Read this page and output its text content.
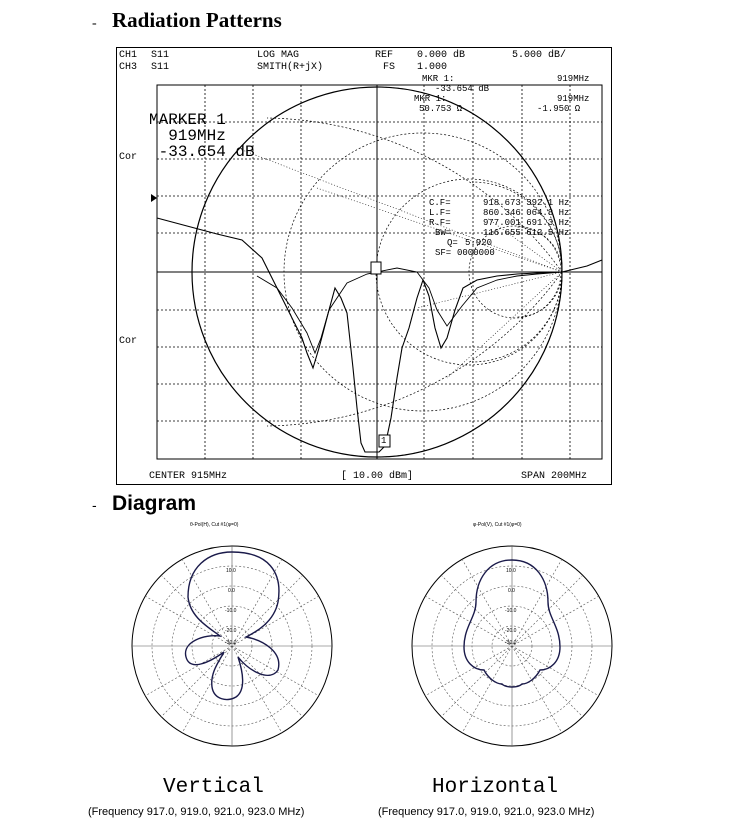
- Radiation Patterns
CH1 S11	LOG MAG	REF 0.000 dB	5.000 dB/
CH3 S11	SMITH(R+jX)	FS 1.000
MKR 1:	919MHz
-33.654 dB
MKR 1:	919MHz
50.753 Ω	-1.950 Ω
MARKER 1
919MHz
-33.654 dB
Cor
Cor
C.F=	918.673 392.1 Hz
L.F=	860.346 064.8 Hz
R.F=	977.001 691.3 Hz
BW=	116.655 612.5 Hz
Q= 5.920
SF= 0000000
1
CENTER 915MHz	[ 10.00 dBm]	SPAN 200MHz
- Diagram
θ-Pol(H), Cut #1(φ=0)
10.0
0.0
-10.0
-20.0
-30.0
φ-Pol(V), Cut #1(φ=0)
10.0
0.0
-10.0
-20.0
-30.0
Vertical
(Frequency 917.0, 919.0, 921.0, 923.0 MHz)
Horizontal
(Frequency 917.0, 919.0, 921.0, 923.0 MHz)
